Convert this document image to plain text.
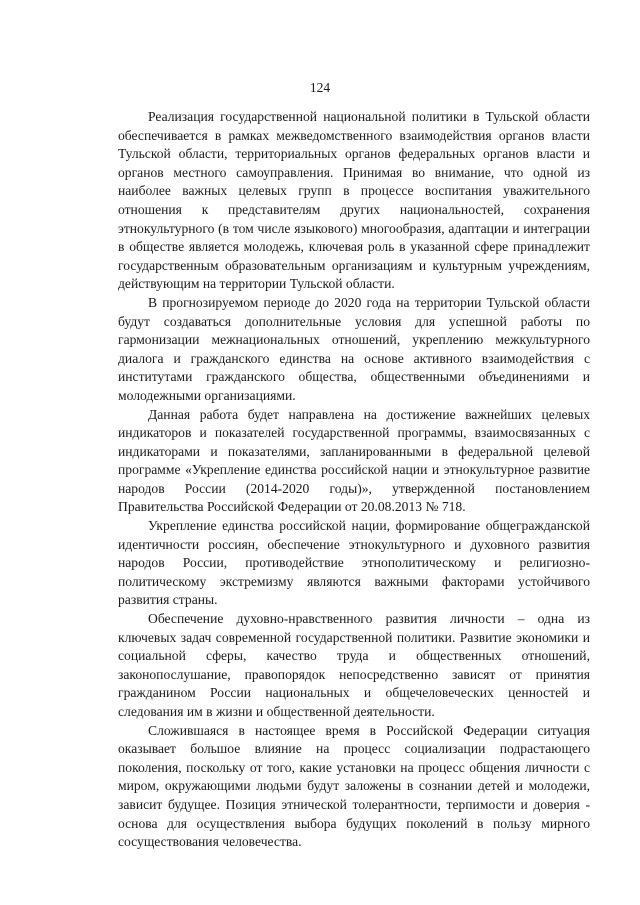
124

Реализация государственной национальной политики в Тульской области обеспечивается в рамках межведомственного взаимодействия органов власти Тульской области, территориальных органов федеральных органов власти и органов местного самоуправления. Принимая во внимание, что одной из наиболее важных целевых групп в процессе воспитания уважительного отношения к представителям других национальностей, сохранения этнокультурного (в том числе языкового) многообразия, адаптации и интеграции в обществе является молодежь, ключевая роль в указанной сфере принадлежит государственным образовательным организациям и культурным учреждениям, действующим на территории Тульской области.

В прогнозируемом периоде до 2020 года на территории Тульской области будут создаваться дополнительные условия для успешной работы по гармонизации межнациональных отношений, укреплению межкультурного диалога и гражданского единства на основе активного взаимодействия с институтами гражданского общества, общественными объединениями и молодежными организациями.

Данная работа будет направлена на достижение важнейших целевых индикаторов и показателей государственной программы, взаимосвязанных с индикаторами и показателями, запланированными в федеральной целевой программе «Укрепление единства российской нации и этнокультурное развитие народов России (2014-2020 годы)», утвержденной постановлением Правительства Российской Федерации от 20.08.2013 № 718.

Укрепление единства российской нации, формирование общегражданской идентичности россиян, обеспечение этнокультурного и духовного развития народов России, противодействие этнополитическому и религиозно-политическому экстремизму являются важными факторами устойчивого развития страны.

Обеспечение духовно-нравственного развития личности – одна из ключевых задач современной государственной политики. Развитие экономики и социальной сферы, качество труда и общественных отношений, законопослушание, правопорядок непосредственно зависят от принятия гражданином России национальных и общечеловеческих ценностей и следования им в жизни и общественной деятельности.

Сложившаяся в настоящее время в Российской Федерации ситуация оказывает большое влияние на процесс социализации подрастающего поколения, поскольку от того, какие установки на процесс общения личности с миром, окружающими людьми будут заложены в сознании детей и молодежи, зависит будущее. Позиция этнической толерантности, терпимости и доверия - основа для осуществления выбора будущих поколений в пользу мирного сосуществования человечества.
